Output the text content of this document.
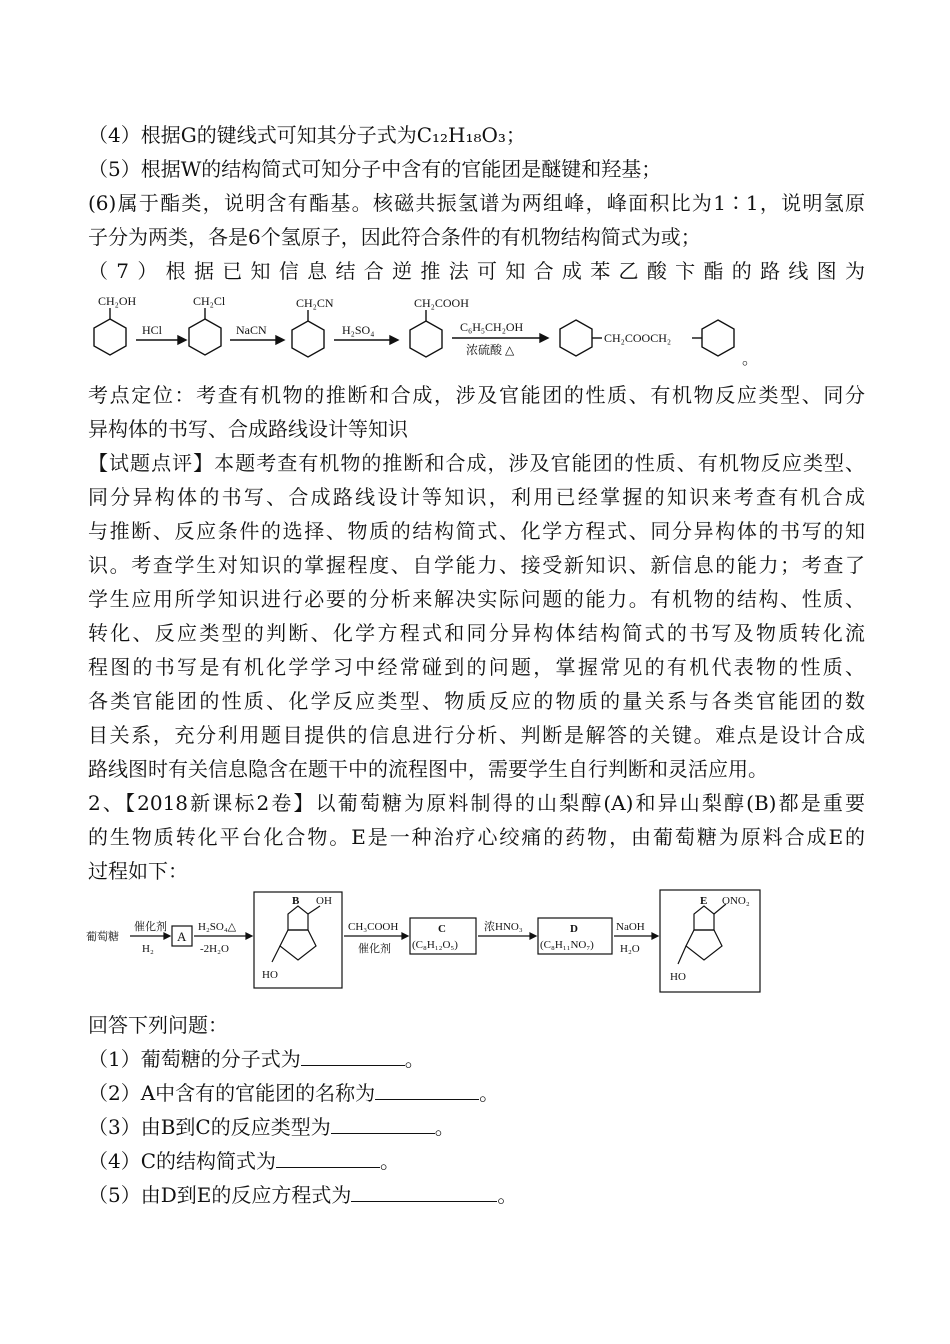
（4）根据G的键线式可知其分子式为C₁₂H₁₈O₃；
（5）根据W的结构简式可知分子中含有的官能团是醚键和羟基；
(6)属于酯类，说明含有酯基。核磁共振氢谱为两组峰，峰面积比为1∶1，说明氢原
子分为两类，各是6个氢原子，因此符合条件的有机物结构简式为或；
（7）根据已知信息结合逆推法可知合成苯乙酸卞酯的路线图为
CH₂OH
HCl
CH₂Cl
NaCN
CH₂CN
H₂SO₄
CH₂COOH
C₆H₅CH₂OH
浓硫酸 △
CH₂COOCH₂
。
考点定位：考查有机物的推断和合成，涉及官能团的性质、有机物反应类型、同分
异构体的书写、合成路线设计等知识
【试题点评】本题考查有机物的推断和合成，涉及官能团的性质、有机物反应类型、
同分异构体的书写、合成路线设计等知识，利用已经掌握的知识来考查有机合成
与推断、反应条件的选择、物质的结构简式、化学方程式、同分异构体的书写的知
识。考查学生对知识的掌握程度、自学能力、接受新知识、新信息的能力；考查了
学生应用所学知识进行必要的分析来解决实际问题的能力。有机物的结构、性质、
转化、反应类型的判断、化学方程式和同分异构体结构简式的书写及物质转化流
程图的书写是有机化学学习中经常碰到的问题，掌握常见的有机代表物的性质、
各类官能团的性质、化学反应类型、物质反应的物质的量关系与各类官能团的数
目关系，充分利用题目提供的信息进行分析、判断是解答的关键。难点是设计合成
路线图时有关信息隐含在题干中的流程图中，需要学生自行判断和灵活应用。
2、【2018新课标2卷】以葡萄糖为原料制得的山梨醇(A)和异山梨醇(B)都是重要
的生物质转化平台化合物。E是一种治疗心绞痛的药物，由葡萄糖为原料合成E的
过程如下：
葡萄糖
催化剂
H₂
A
H₂SO₄△
-2H₂O
B OH
HO
CH₃COOH
催化剂
C
(C₈H₁₂O₅)
浓HNO₃	D
(C₈H₁₁NO₇)
NaOH
H₂O
E ONO₂
HO
回答下列问题：
（1）葡萄糖的分子式为	。
（2）A中含有的官能团的名称为	。
（3）由B到C的反应类型为	。
（4）C的结构简式为	。
（5）由D到E的反应方程式为	。
